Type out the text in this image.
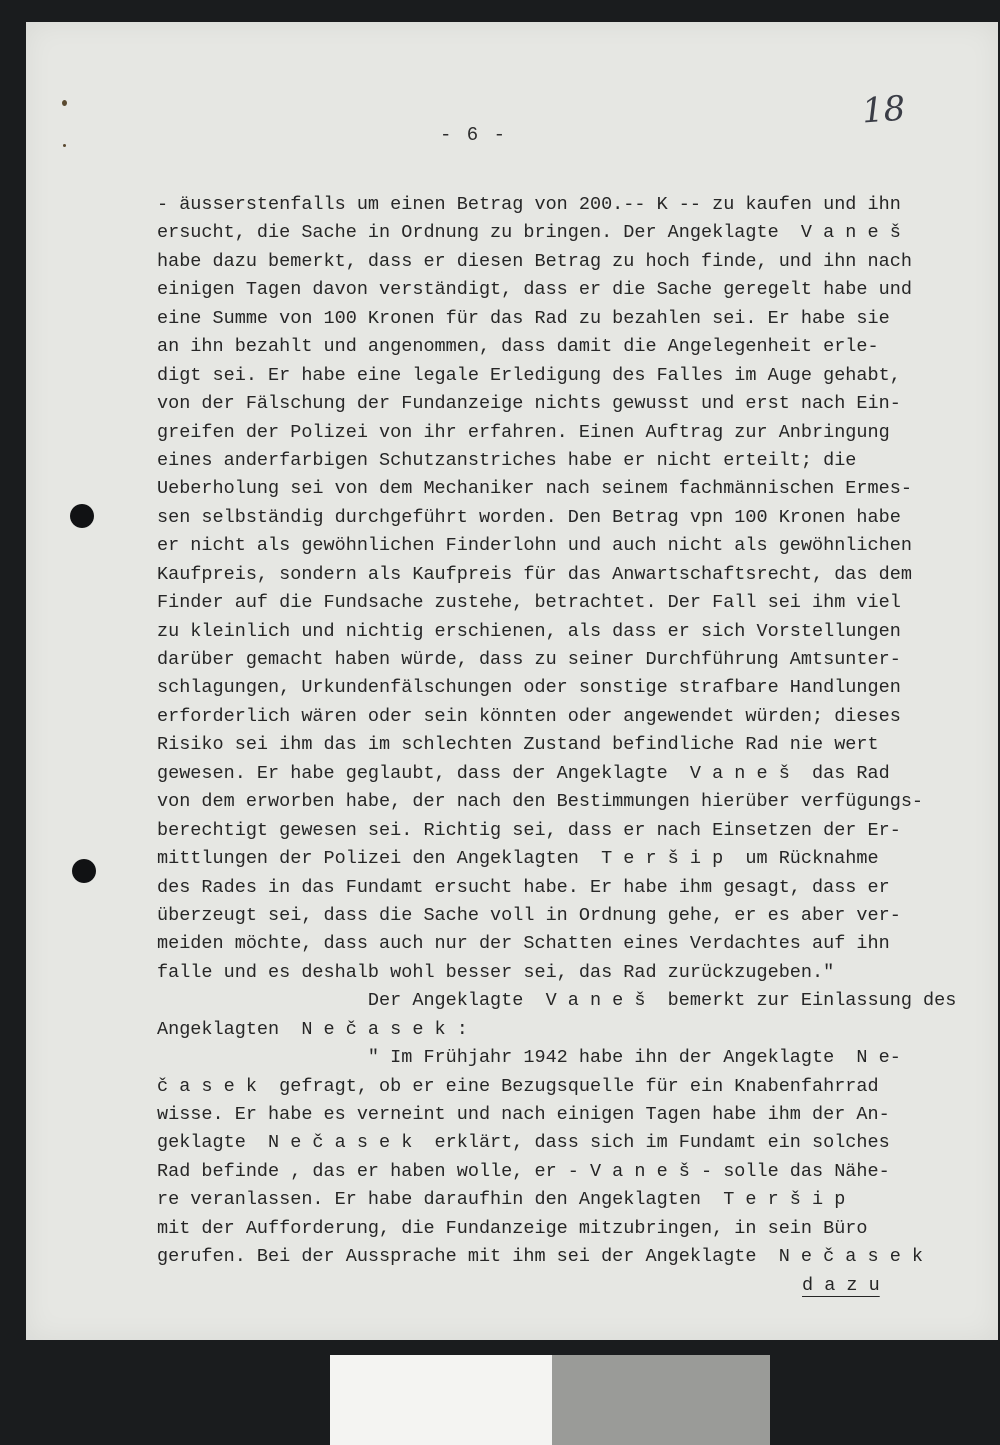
18
- 6 -
- äusserstenfalls um einen Betrag von 200.-- K -- zu kaufen und ihn
ersucht, die Sache in Ordnung zu bringen. Der Angeklagte  V a n e š
habe dazu bemerkt, dass er diesen Betrag zu hoch finde, und ihn nach
einigen Tagen davon verständigt, dass er die Sache geregelt habe und
eine Summe von 100 Kronen für das Rad zu bezahlen sei. Er habe sie
an ihn bezahlt und angenommen, dass damit die Angelegenheit erle-
digt sei. Er habe eine legale Erledigung des Falles im Auge gehabt,
von der Fälschung der Fundanzeige nichts gewusst und erst nach Ein-
greifen der Polizei von ihr erfahren. Einen Auftrag zur Anbringung
eines anderfarbigen Schutzanstriches habe er nicht erteilt; die
Ueberholung sei von dem Mechaniker nach seinem fachmännischen Ermes-
sen selbständig durchgeführt worden. Den Betrag vpn 100 Kronen habe
er nicht als gewöhnlichen Finderlohn und auch nicht als gewöhnlichen
Kaufpreis, sondern als Kaufpreis für das Anwartschaftsrecht, das dem
Finder auf die Fundsache zustehe, betrachtet. Der Fall sei ihm viel
zu kleinlich und nichtig erschienen, als dass er sich Vorstellungen
darüber gemacht haben würde, dass zu seiner Durchführung Amtsunter-
schlagungen, Urkundenfälschungen oder sonstige strafbare Handlungen
erforderlich wären oder sein könnten oder angewendet würden; dieses
Risiko sei ihm das im schlechten Zustand befindliche Rad nie wert
gewesen. Er habe geglaubt, dass der Angeklagte  V a n e š  das Rad
von dem erworben habe, der nach den Bestimmungen hierüber verfügungs-
berechtigt gewesen sei. Richtig sei, dass er nach Einsetzen der Er-
mittlungen der Polizei den Angeklagten  T e r š i p  um Rücknahme
des Rades in das Fundamt ersucht habe. Er habe ihm gesagt, dass er
überzeugt sei, dass die Sache voll in Ordnung gehe, er es aber ver-
meiden möchte, dass auch nur der Schatten eines Verdachtes auf ihn
falle und es deshalb wohl besser sei, das Rad zurückzugeben."
Der Angeklagte  V a n e š  bemerkt zur Einlassung des
Angeklagten  N e č a s e k :
" Im Frühjahr 1942 habe ihn der Angeklagte  N e-
č a s e k  gefragt, ob er eine Bezugsquelle für ein Knabenfahrrad
wisse. Er habe es verneint und nach einigen Tagen habe ihm der An-
geklagte  N e č a s e k  erklärt, dass sich im Fundamt ein solches
Rad befinde , das er haben wolle, er - V a n e š - solle das Nähe-
re veranlassen. Er habe daraufhin den Angeklagten  T e r š i p
mit der Aufforderung, die Fundanzeige mitzubringen, in sein Büro
gerufen. Bei der Aussprache mit ihm sei der Angeklagte  N e č a s e k
d a z u
